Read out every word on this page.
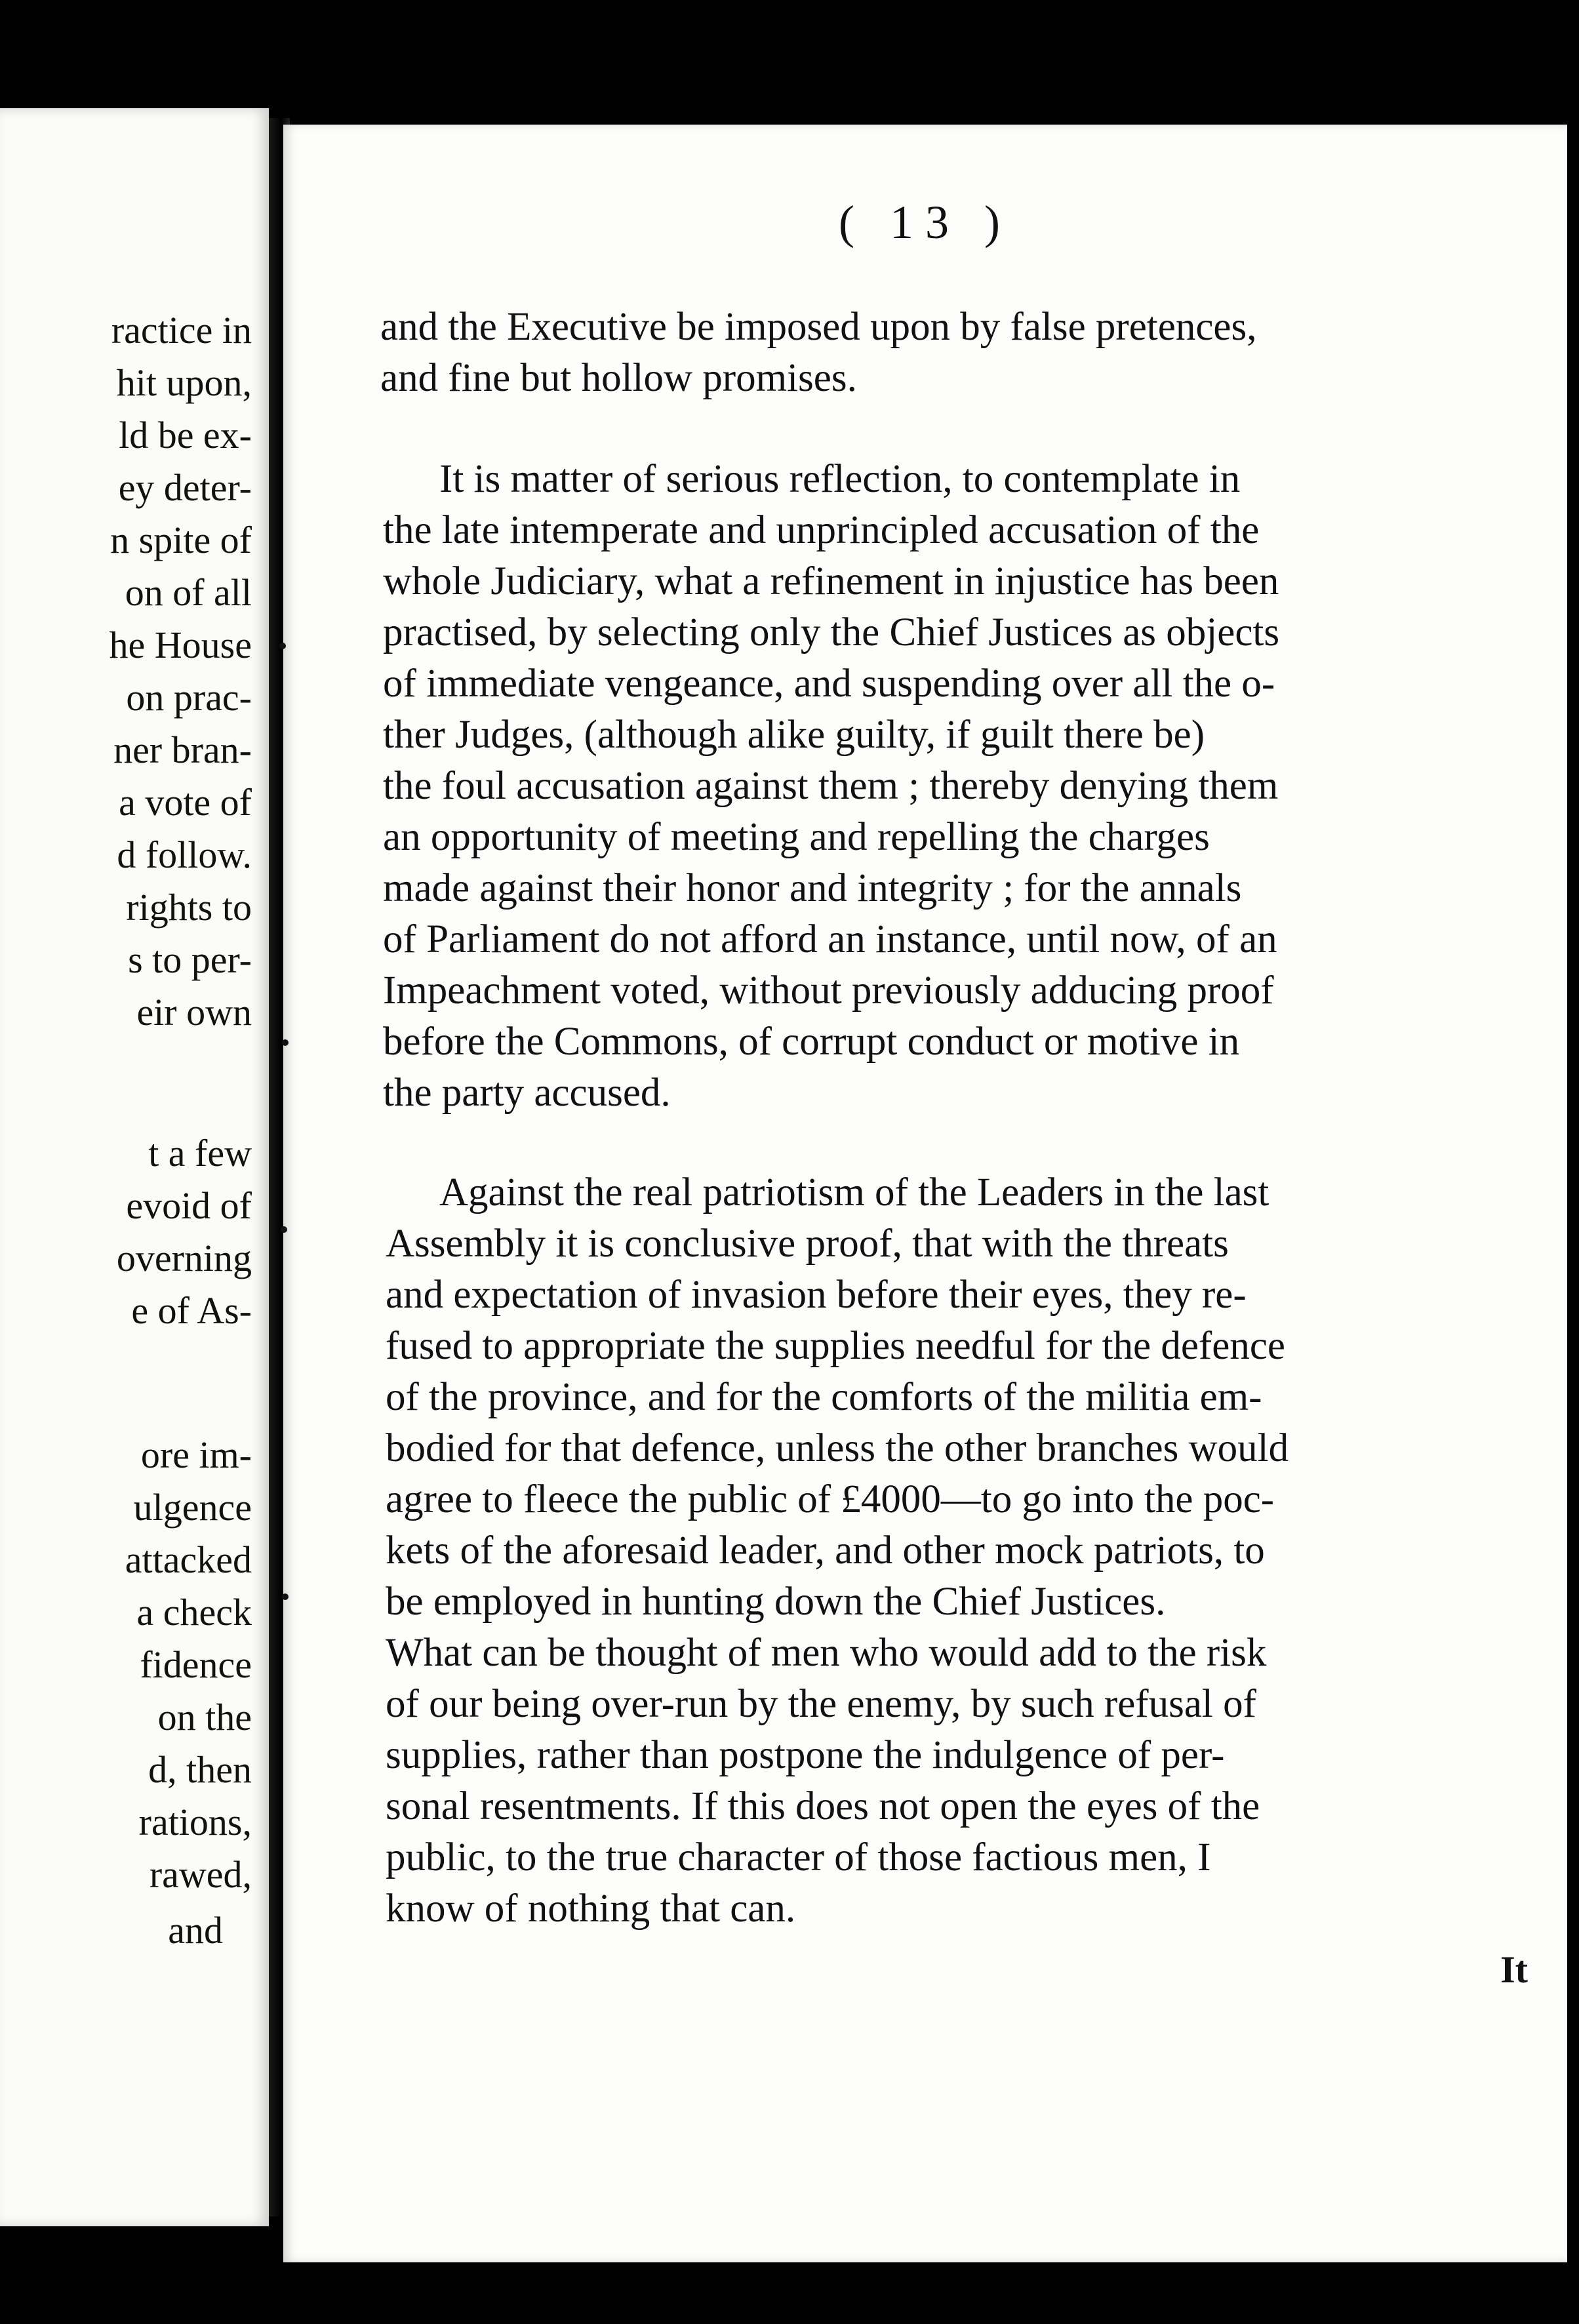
ractice in
hit upon,
ld be ex-
ey deter-
n spite of
on of all
he House
on prac-
ner bran-
a vote of
d follow.
rights to
s to per-
eir own
t a few
evoid of
overning
e of As-
ore im-
ulgence
attacked
a check
fidence
on the
d, then
rations,
rawed,
and
( 13 )
and the Executive be imposed upon by false pretences,
and fine but hollow promises.
It is matter of serious reflection, to contemplate in
the late intemperate and unprincipled accusation of the
whole Judiciary, what a refinement in injustice has been
practised, by selecting only the Chief Justices as objects
of immediate vengeance, and suspending over all the o-
ther Judges, (although alike guilty, if guilt there be)
the foul accusation against them ; thereby denying them
an opportunity of meeting and repelling the charges
made against their honor and integrity ; for the annals
of Parliament do not afford an instance, until now, of an
Impeachment voted, without previously adducing proof
before the Commons, of corrupt conduct or motive in
the party accused.
Against the real patriotism of the Leaders in the last
Assembly it is conclusive proof, that with the threats
and expectation of invasion before their eyes, they re-
fused to appropriate the supplies needful for the defence
of the province, and for the comforts of the militia em-
bodied for that defence, unless the other branches would
agree to fleece the public of £4000—to go into the poc-
kets of the aforesaid leader, and other mock patriots, to
be employed in hunting down the Chief Justices.
What can be thought of men who would add to the risk
of our being over-run by the enemy, by such refusal of
supplies, rather than postpone the indulgence of per-
sonal resentments. If this does not open the eyes of the
public, to the true character of those factious men, I
know of nothing that can.
It
